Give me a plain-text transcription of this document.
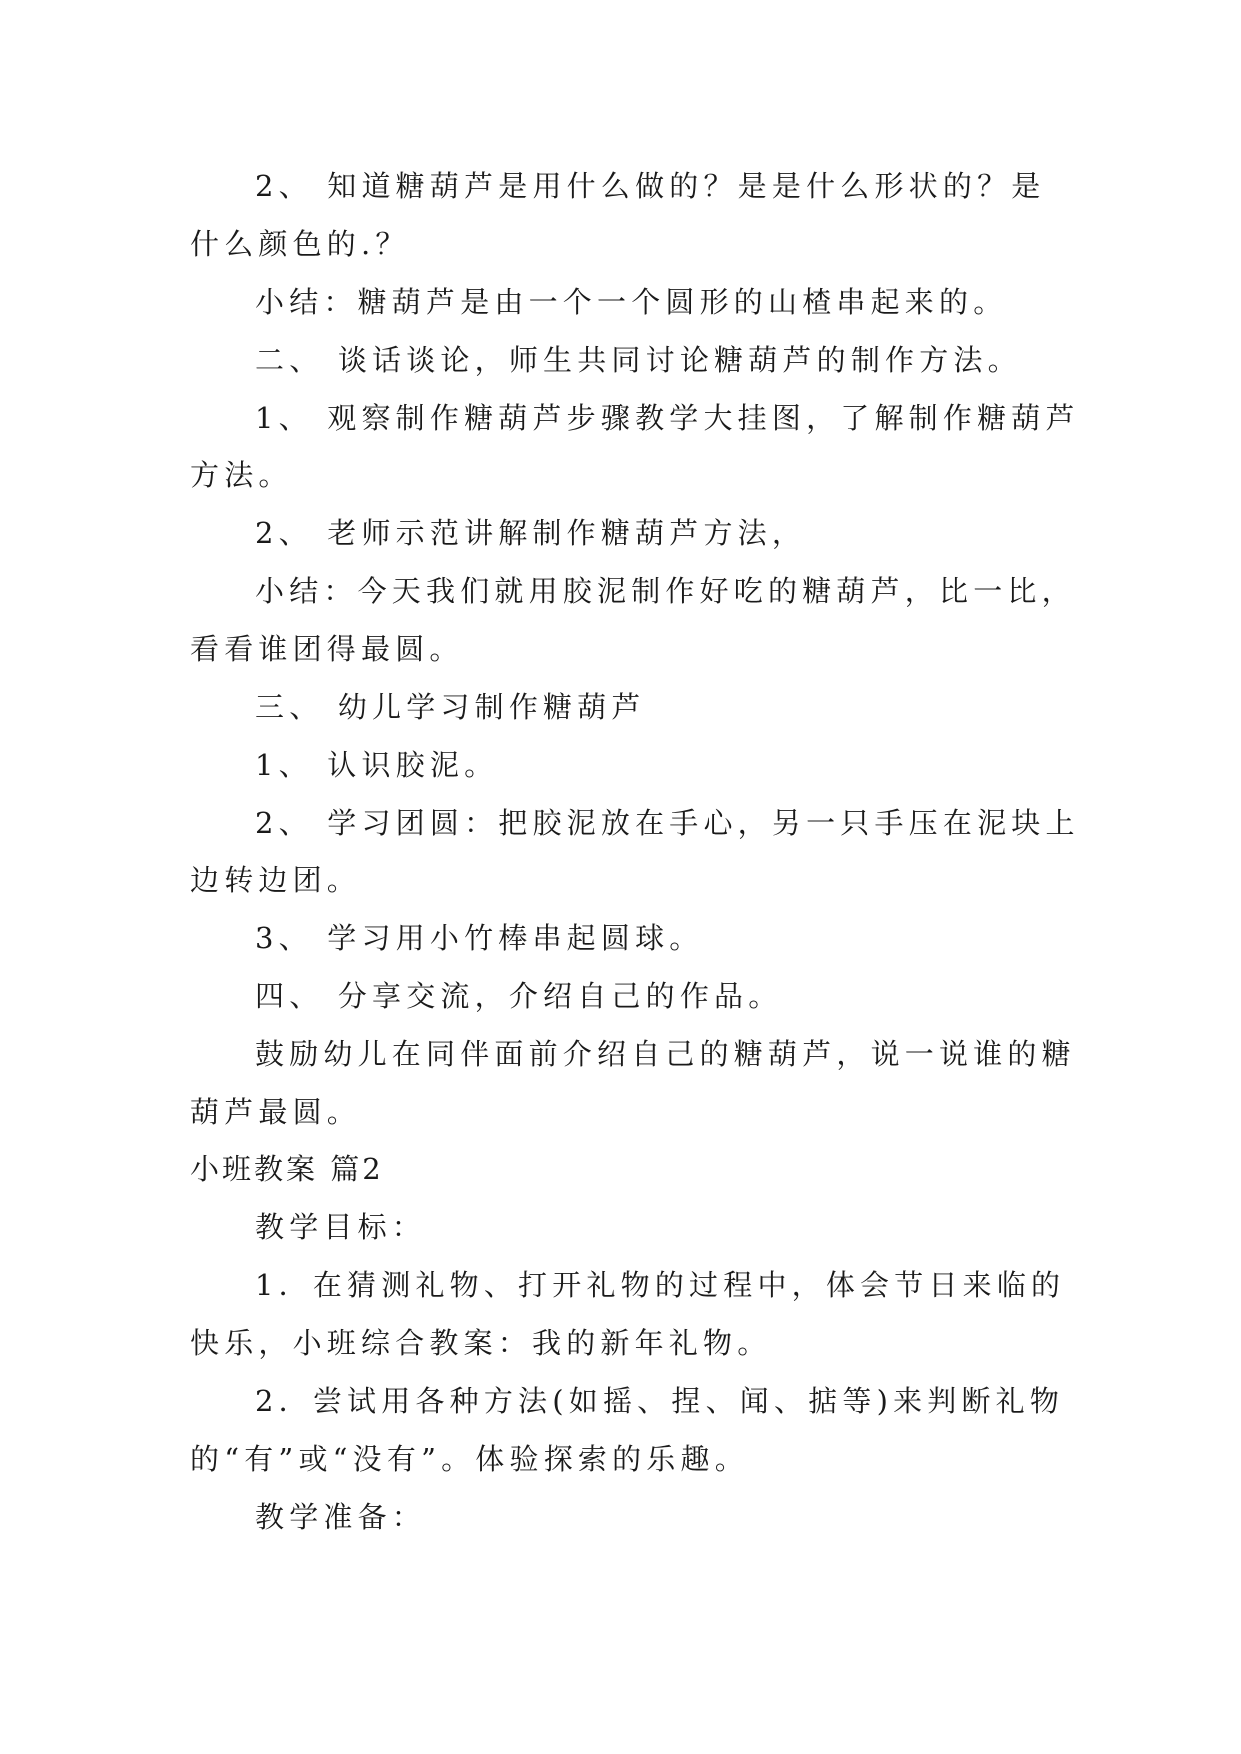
2、 知道糖葫芦是用什么做的？是是什么形状的？是
什么颜色的.？
小结：糖葫芦是由一个一个圆形的山楂串起来的。
二、 谈话谈论，师生共同讨论糖葫芦的制作方法。
1、 观察制作糖葫芦步骤教学大挂图，了解制作糖葫芦
方法。
2、 老师示范讲解制作糖葫芦方法，
小结：今天我们就用胶泥制作好吃的糖葫芦，比一比，
看看谁团得最圆。
三、 幼儿学习制作糖葫芦
1、 认识胶泥。
2、 学习团圆：把胶泥放在手心，另一只手压在泥块上
边转边团。
3、 学习用小竹棒串起圆球。
四、 分享交流，介绍自己的作品。
鼓励幼儿在同伴面前介绍自己的糖葫芦，说一说谁的糖
葫芦最圆。
小班教案 篇2
教学目标：
1．在猜测礼物、打开礼物的过程中，体会节日来临的
快乐，小班综合教案：我的新年礼物。
2．尝试用各种方法(如摇、捏、闻、掂等)来判断礼物
的“有”或“没有”。体验探索的乐趣。
教学准备：
